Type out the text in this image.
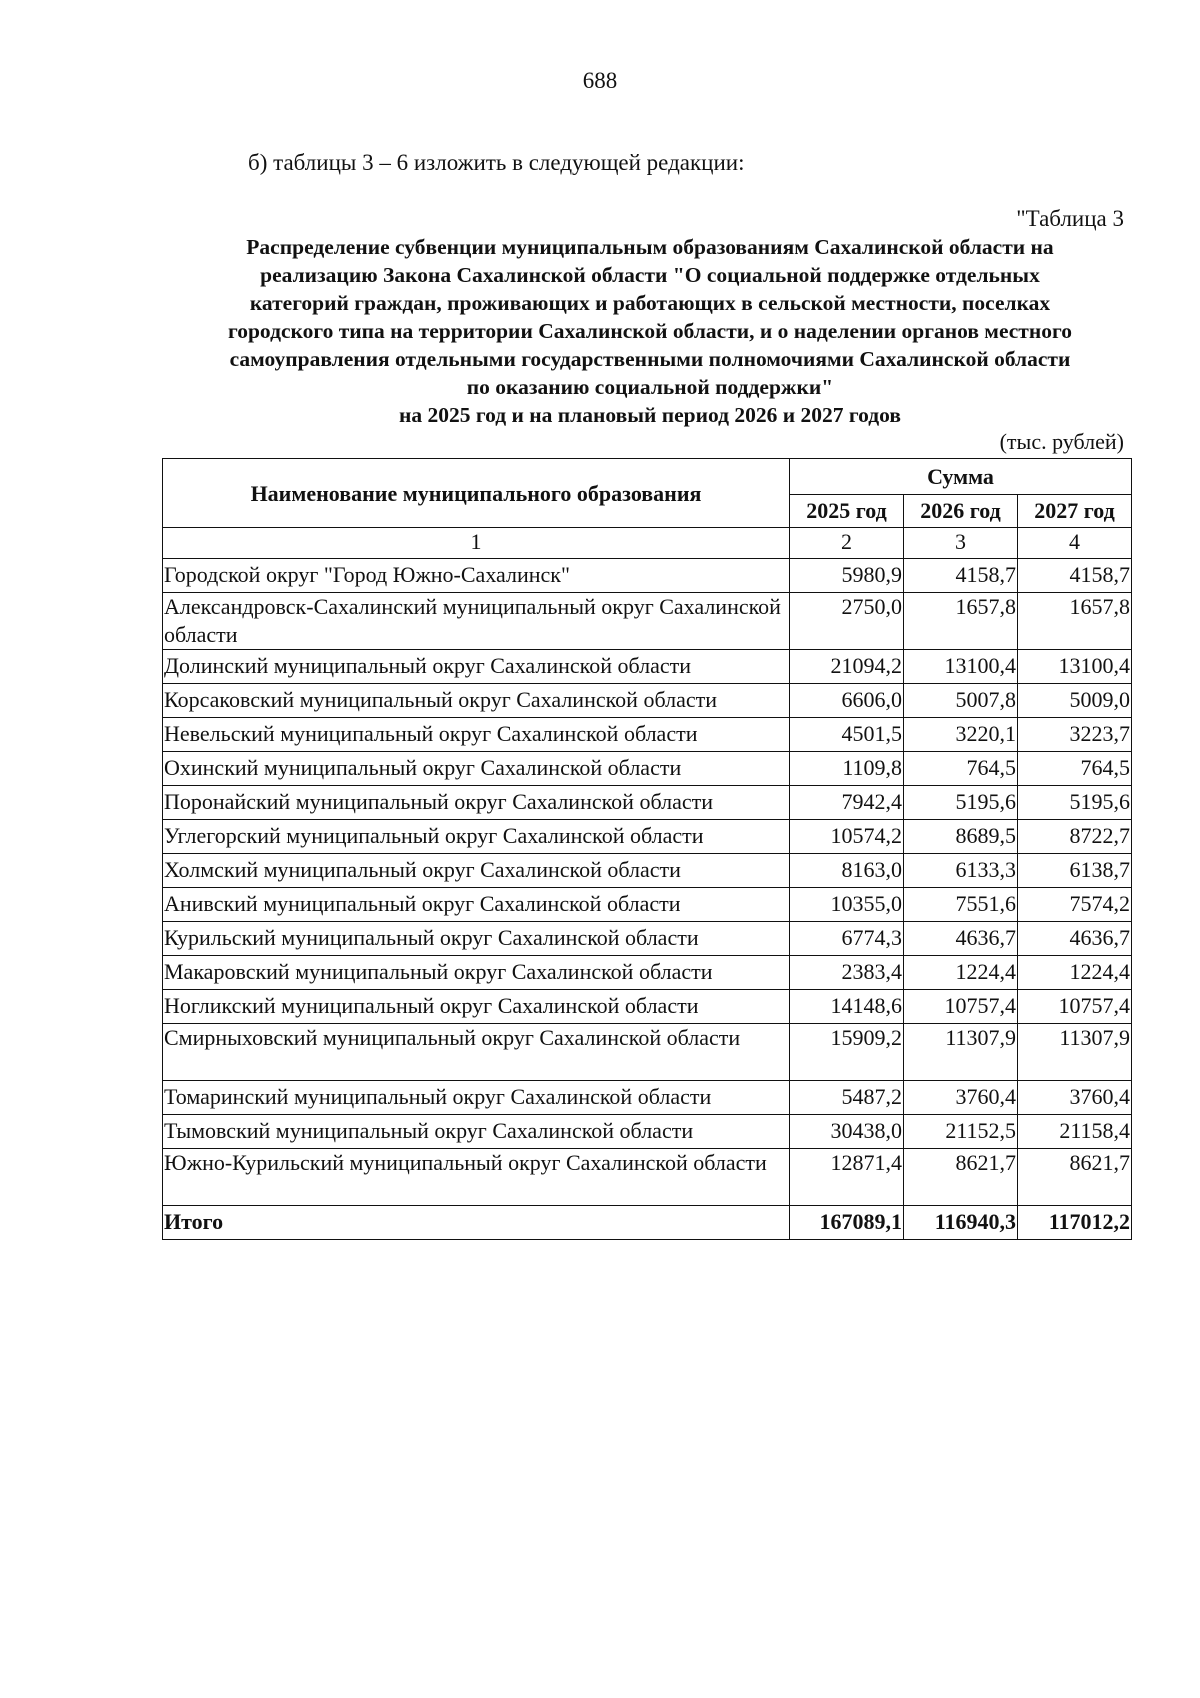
688
б) таблицы 3 – 6 изложить в следующей редакции:
"Таблица 3
Распределение субвенции муниципальным образованиям Сахалинской области на
реализацию Закона Сахалинской области "О социальной поддержке отдельных
категорий граждан, проживающих и работающих в сельской местности, поселках
городского типа на территории Сахалинской области, и о наделении органов местного
самоуправления отдельными государственными полномочиями Сахалинской области
по оказанию социальной поддержки"
на 2025 год и на плановый период 2026 и 2027 годов
(тыс. рублей)
Наименование муниципального образования	Сумма		
	2025 год	2026 год	2027 год
1	2	3	4
Городской округ "Город Южно-Сахалинск"	5980,9	4158,7	4158,7
Александровск-Сахалинский муниципальный округ Сахалинской области	2750,0	1657,8	1657,8
Долинский муниципальный округ Сахалинской области	21094,2	13100,4	13100,4
Корсаковский муниципальный округ Сахалинской области	6606,0	5007,8	5009,0
Невельский муниципальный округ Сахалинской области	4501,5	3220,1	3223,7
Охинский муниципальный округ Сахалинской области	1109,8	764,5	764,5
Поронайский муниципальный округ Сахалинской области	7942,4	5195,6	5195,6
Углегорский муниципальный округ Сахалинской области	10574,2	8689,5	8722,7
Холмский муниципальный округ Сахалинской области	8163,0	6133,3	6138,7
Анивский муниципальный округ Сахалинской области	10355,0	7551,6	7574,2
Курильский муниципальный округ Сахалинской области	6774,3	4636,7	4636,7
Макаровский муниципальный округ Сахалинской области	2383,4	1224,4	1224,4
Ногликский муниципальный округ Сахалинской области	14148,6	10757,4	10757,4
Смирныховский муниципальный округ Сахалинской области	15909,2	11307,9	11307,9
Томаринский муниципальный округ Сахалинской области	5487,2	3760,4	3760,4
Тымовский муниципальный округ Сахалинской области	30438,0	21152,5	21158,4
Южно-Курильский муниципальный округ Сахалинской области	12871,4	8621,7	8621,7
Итого	167089,1	116940,3	117012,2
